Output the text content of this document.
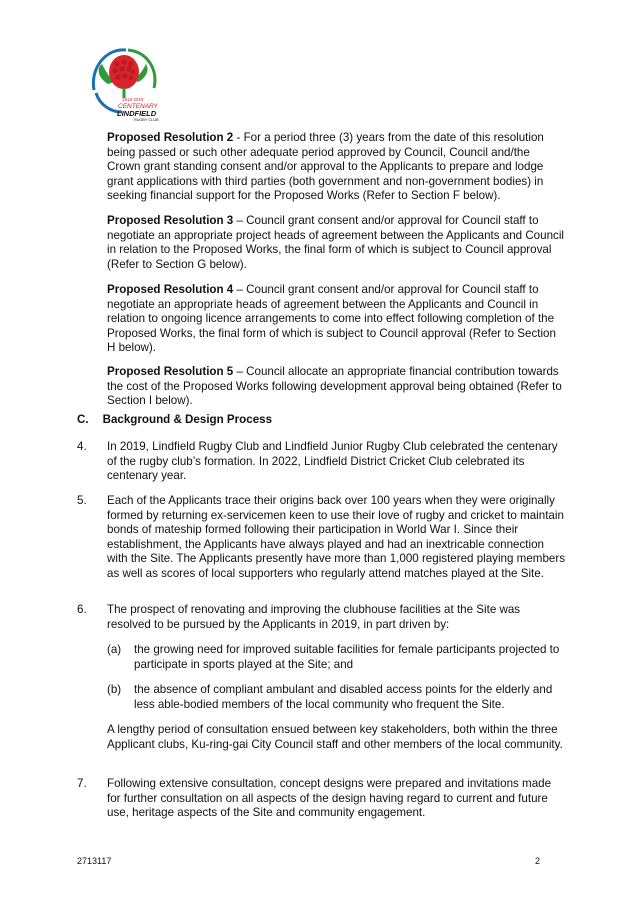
1919-2019
CENTENARY
LINDFIELD
RUGBY CLUB

Proposed Resolution 2 - For a period three (3) years from the date of this resolution being passed or such other adequate period approved by Council, Council and/the Crown grant standing consent and/or approval to the Applicants to prepare and lodge grant applications with third parties (both government and non-government bodies) in seeking financial support for the Proposed Works (Refer to Section F below).

Proposed Resolution 3 – Council grant consent and/or approval for Council staff to negotiate an appropriate project heads of agreement between the Applicants and Council in relation to the Proposed Works, the final form of which is subject to Council approval (Refer to Section G below).

Proposed Resolution 4 – Council grant consent and/or approval for Council staff to negotiate an appropriate heads of agreement between the Applicants and Council in relation to ongoing licence arrangements to come into effect following completion of the Proposed Works, the final form of which is subject to Council approval (Refer to Section H below).

Proposed Resolution 5 – Council allocate an appropriate financial contribution towards the cost of the Proposed Works following development approval being obtained (Refer to Section I below).

C. Background & Design Process
4.	In 2019, Lindfield Rugby Club and Lindfield Junior Rugby Club celebrated the centenary of the rugby club’s formation. In 2022, Lindfield District Cricket Club celebrated its centenary year.
5.	Each of the Applicants trace their origins back over 100 years when they were originally formed by returning ex-servicemen keen to use their love of rugby and cricket to maintain bonds of mateship formed following their participation in World War I. Since their establishment, the Applicants have always played and had an inextricable connection with the Site. The Applicants presently have more than 1,000 registered playing members as well as scores of local supporters who regularly attend matches played at the Site.
6.	The prospect of renovating and improving the clubhouse facilities at the Site was resolved to be pursued by the Applicants in 2019, in part driven by:
(a) the growing need for improved suitable facilities for female participants projected to participate in sports played at the Site; and
(b) the absence of compliant ambulant and disabled access points for the elderly and less able-bodied members of the local community who frequent the Site.
A lengthy period of consultation ensued between key stakeholders, both within the three Applicant clubs, Ku-ring-gai City Council staff and other members of the local community.
7.	Following extensive consultation, concept designs were prepared and invitations made for further consultation on all aspects of the design having regard to current and future use, heritage aspects of the Site and community engagement.
2713117	2
